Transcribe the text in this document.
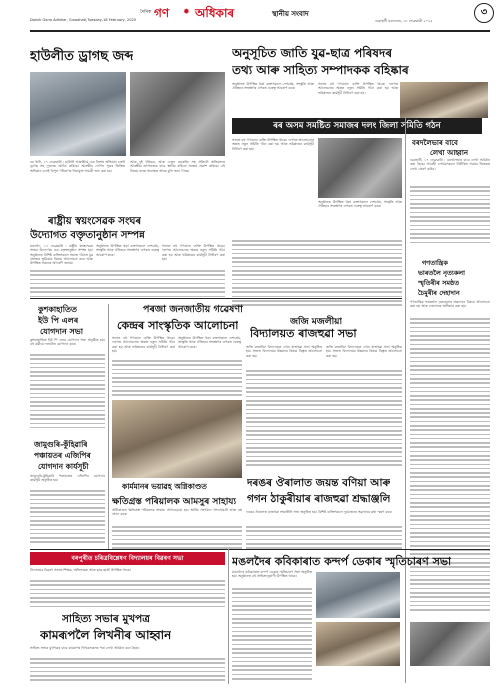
Dainik Gana Adhikar, Guwahati,Tuesday,18 February, 2025
দৈনিক গণ ✹ অধিকাৰ	স্থানীয় সংবাদ
গুৱাহাটী মঙলবাৰ, ১৮ ফেব্ৰুৱাৰী ২০২৫
৩
হাউলীত ড্ৰাগছ জব্দ
বৰ খাটা, ১৭ ফেব্ৰুৱাৰী : হাউলী আৰক্ষীয়ে এক বিশেষ অভিযান চলাই ড্ৰাগছ সহ দুজনক আটক কৰিছে। আৰক্ষীৰ গোপন সূত্ৰৰ ভিত্তিত অভিযান চলাই বিপুল পৰিমাণৰ নিচাযুক্ত সামগ্ৰী জব্দ কৰা হয়।
আৰু দুই খৰিকৰ, আৰু এজন হেৰোইন সহ প্ৰতিটো অভিযানত আৰক্ষীৰ তৎপৰতাৰ বাবে স্থানীয় ৰাইজে সন্তোষ প্ৰকাশ কৰিছে। এই বিষয়ে তদন্ত অব্যাহত আছে বুলি জনা গৈছে।
অনুসূচিত জাতি যুৱ-ছাত্ৰ পৰিষদৰ
তথ্য আৰু সাহিত্য সম্পাদকক বহিষ্কাৰ
অনুষ্ঠানত উপস্থিত থকা বক্তাসকলে দেশপ্ৰেম, সংস্কৃতি আৰু ঐতিহ্যৰ সংৰক্ষণৰ ওপৰত গুৰুত্ব আৰোপ কৰে।
সভাত বহু গণ্যমান্য ব্যক্তি উপস্থিত থাকে। দলগত আলোচনাৰ অন্তত নতুন সমিতি গঠন কৰা হয় আৰু ভৱিষ্যতৰ কাৰ্যসূচী নিৰ্ধাৰণ কৰা হয়।
ৰৰ অসম সমষ্টিত সমাজৰ দলং জিলা সমিতি গঠন
সভাত বহু গণ্যমান্য ব্যক্তি উপস্থিত থাকে। দলগত আলোচনাৰ অন্তত নতুন সমিতি গঠন কৰা হয় আৰু ভৱিষ্যতৰ কাৰ্যসূচী নিৰ্ধাৰণ কৰা হয়।
অনুষ্ঠানত উপস্থিত থকা বক্তাসকলে দেশপ্ৰেম, সংস্কৃতি আৰু ঐতিহ্যৰ সংৰক্ষণৰ ওপৰত গুৰুত্ব আৰোপ কৰে।
বৰদলৈভাৰ বাবে
লেখা আহ্বান
গুৱাহাটী, ১৭ ফেব্ৰুৱাৰী : বৰদলৈভাৰ বাবে লেখা আহ্বান কৰা হৈছে। আগ্ৰহী লেখকসকলে নিৰ্ধাৰিত সময়ৰ ভিতৰত লেখা প্ৰেৰণ কৰিব।
গণতান্ত্ৰিক
ভাৰতলৈ নৃত্যকলা
স্মৃতিৰীৰ সমষ্ঠত
চৈমুৰীৰ দেহাদান
গণতান্ত্ৰিক ভাৰতলৈ নৃত্যকলাৰ অৱদানৰ বিষয়ে আলোচনা কৰা হয় আৰু দেহাদানৰ অঙ্গীকাৰ কৰা হয়।
ৰাষ্ট্ৰীয় স্বয়ংসেৱক সংঘৰ
উদ্যোগত বক্তৃতানুষ্ঠান সম্পন্ন
মঙলদৈ, ১৭ ফেব্ৰুৱাৰী : ৰাষ্ট্ৰীয় স্বয়ংসেৱক সংঘৰ উদ্যোগত এক বক্তৃতানুষ্ঠান সম্পন্ন হয়। অনুষ্ঠানত বিশিষ্ট ব্যক্তিসকলে সমাজ গঠনত যুৱ প্ৰজন্মৰ ভূমিকাৰ বিষয়ে আলোচনা কৰে আৰু উপস্থিত সকলক আদৰণি জনায়।
অনুষ্ঠানত উপস্থিত থকা বক্তাসকলে দেশপ্ৰেম, সংস্কৃতি আৰু ঐতিহ্যৰ সংৰক্ষণৰ ওপৰত গুৰুত্ব আৰোপ কৰে।
সভাত বহু গণ্যমান্য ব্যক্তি উপস্থিত থাকে। দলগত আলোচনাৰ অন্তত নতুন সমিতি গঠন কৰা হয় আৰু ভৱিষ্যতৰ কাৰ্যসূচী নিৰ্ধাৰণ কৰা হয়।
কুশকাহাতিত
ইউ পি এলৰ
যোগদান সভা
কুশকাহাতিত ইউ পি এলৰ যোগদান সভা অনুষ্ঠিত হয়। বহু কৰ্মীয়ে দলটোত যোগদান কৰে।
জামুগুৰি-কুঁহিৱাৰি
পঞ্চায়তৰ এজিপিৰ
যোগদান কাৰ্যসূচী
জামুগুৰি-কুঁহিৱাৰি পঞ্চায়তত এজিপিৰ যোগদান কাৰ্যসূচী অনুষ্ঠিত হয়।
পৰজা জনজাতীয় গৱেষণা
কেন্দ্ৰৰ সাংস্কৃতিক আলোচনা
সভাত বহু গণ্যমান্য ব্যক্তি উপস্থিত থাকে। দলগত আলোচনাৰ অন্তত নতুন সমিতি গঠন কৰা হয় আৰু ভৱিষ্যতৰ কাৰ্যসূচী নিৰ্ধাৰণ কৰা হয়।
অনুষ্ঠানত উপস্থিত থকা বক্তাসকলে দেশপ্ৰেম, সংস্কৃতি আৰু ঐতিহ্যৰ সংৰক্ষণৰ ওপৰত গুৰুত্ব আৰোপ কৰে।
জজি মজলীয়া
বিদ্যালয়ত ৰাজহুৱা সভা
জজি মজলীয়া বিদ্যালয়ত এখন ৰাজহুৱা সভা অনুষ্ঠিত হয়। সভাত বিদ্যালয়ৰ উন্নয়নৰ বিষয়ে বিস্তৃত আলোচনা কৰা হয়।
জজি মজলীয়া বিদ্যালয়ত এখন ৰাজহুৱা সভা অনুষ্ঠিত হয়। সভাত বিদ্যালয়ৰ উন্নয়নৰ বিষয়ে বিস্তৃত আলোচনা কৰা হয়।
কাৰ্মমানৰ ভয়াৱহ অগ্নিকাণ্ডত
ক্ষতিগ্ৰস্ত পৰিয়ালক আমসুৰ সাহায্য
অগ্নিকাণ্ডত ক্ষতিগ্ৰস্ত পৰিয়ালক সাহায্য আগবঢ়োৱা হয়। স্থানীয় সংগঠনে খাদ্যসামগ্ৰী আৰু বস্ত্ৰ প্ৰদান কৰে।
দৰঙৰ ঔৰালাত জয়ন্ত বণিয়া আৰু
গগন ঠাকুৰীয়াৰ ৰাজহুৱা শ্ৰদ্ধাঞ্জলি
দৰঙৰ ঔৰালাত ৰাজহুৱা শ্ৰদ্ধাঞ্জলি সভা অনুষ্ঠিত হয়। বিশিষ্ট ব্যক্তিসকলে দুয়োজনৰ অৱদানৰ কথা স্মৰণ কৰে।
বৰপুৰীত চৰিত্ৰবিশ্লেষণ বিদ্যালয়ৰ বিৱৰণ সভা
বিদ্যালয়ৰ বিৱৰণ সভাত শিক্ষক, অভিভাৱক আৰু ছাত্ৰ-ছাত্ৰী উপস্থিত থাকে।
সাহিত্য সভাৰ মুখপত্ৰ
কামৰূপলৈ লিখনীৰ আহ্বান
সাহিত্য সভাৰ মুখপত্ৰৰ বাবে কামৰূপৰ লিখকসকলৰ পৰা লেখা আহ্বান কৰা হৈছে।
মঙলদৈৰ কবিকাৰাত কন্দৰ্প ডেকাৰ স্মৃতিচাৰণ সভা
মঙলদৈৰ কবিকাৰাত কন্দৰ্প ডেকাৰ স্মৃতিচাৰণ সভা অনুষ্ঠিত হয়। অনুষ্ঠানত বহু সাহিত্যানুৰাগী উপস্থিত থাকে।
